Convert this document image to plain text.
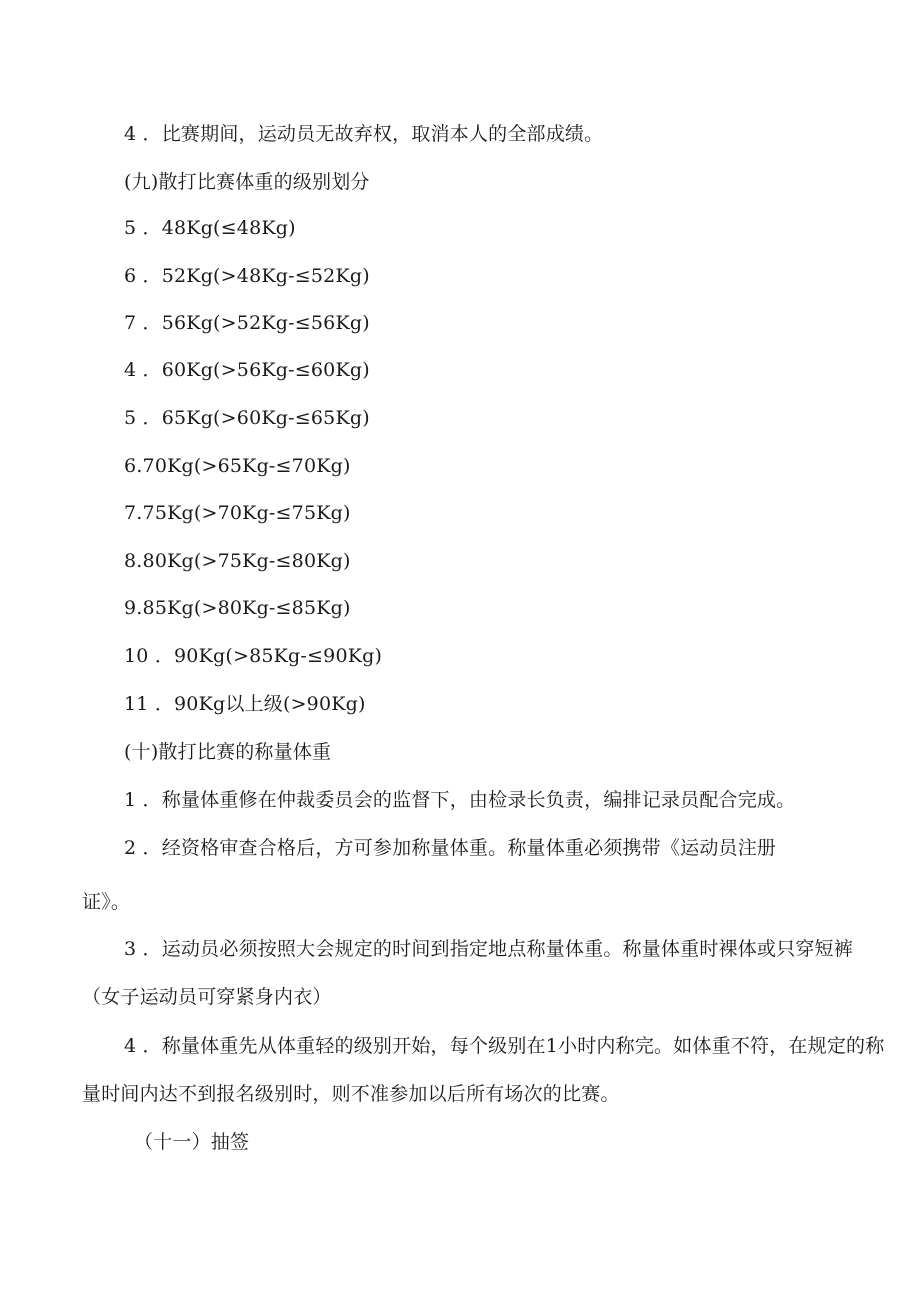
4 ．比赛期间，运动员无故弃权，取消本人的全部成绩。
(九)散打比赛体重的级别划分
5 ．48Kg(≤48Kg)
6 ．52Kg(>48Kg-≤52Kg)
7 ．56Kg(>52Kg-≤56Kg)
4 ．60Kg(>56Kg-≤60Kg)
5 ．65Kg(>60Kg-≤65Kg)
6.70Kg(>65Kg-≤70Kg)
7.75Kg(>70Kg-≤75Kg)
8.80Kg(>75Kg-≤80Kg)
9.85Kg(>80Kg-≤85Kg)
10 ．90Kg(>85Kg-≤90Kg)
11 ．90Kg以上级(>90Kg)
(十)散打比赛的称量体重
1 ．称量体重修在仲裁委员会的监督下，由检录长负责，编排记录员配合完成。
2 ．经资格审查合格后，方可参加称量体重。称量体重必须携带《运动员注册
证》。
3 ．运动员必须按照大会规定的时间到指定地点称量体重。称量体重时裸体或只穿短裤
（女子运动员可穿紧身内衣）
4 ．称量体重先从体重轻的级别开始，每个级别在1小时内称完。如体重不符，在规定的称
量时间内达不到报名级别时，则不准参加以后所有场次的比赛。
（十一）抽签
